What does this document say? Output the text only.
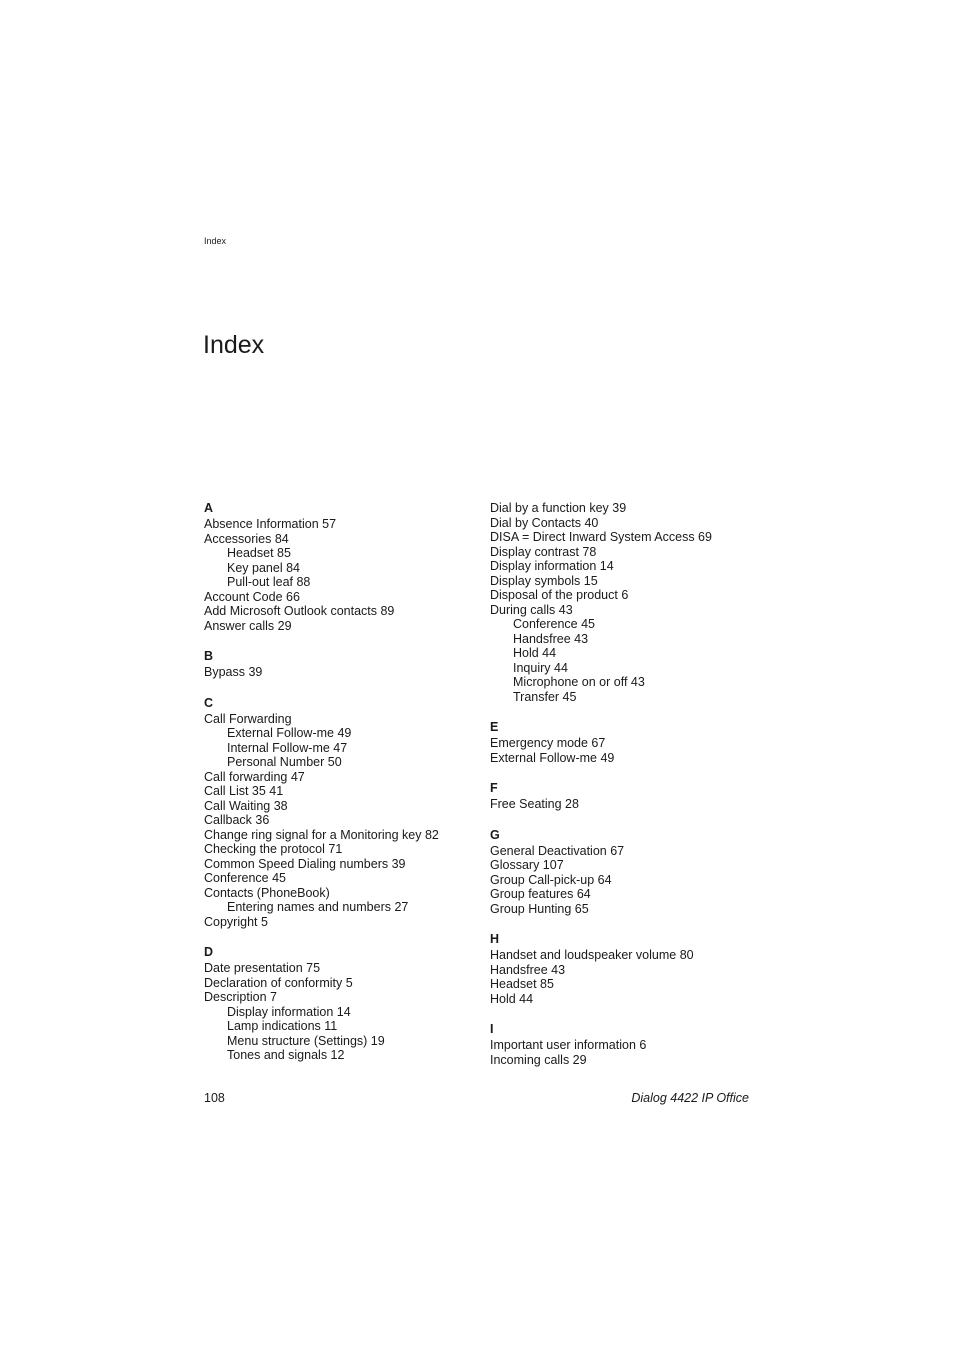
Index
Index
A
Absence Information 57
Accessories 84
Headset 85
Key panel 84
Pull-out leaf 88
Account Code 66
Add Microsoft Outlook contacts 89
Answer calls 29
B
Bypass 39
C
Call Forwarding
External Follow-me 49
Internal Follow-me 47
Personal Number 50
Call forwarding 47
Call List 35 41
Call Waiting 38
Callback 36
Change ring signal for a Monitoring key 82
Checking the protocol 71
Common Speed Dialing numbers 39
Conference 45
Contacts (PhoneBook)
Entering names and numbers 27
Copyright 5
D
Date presentation 75
Declaration of conformity 5
Description 7
Display information 14
Lamp indications 11
Menu structure (Settings) 19
Tones and signals 12
Dial by a function key 39
Dial by Contacts 40
DISA = Direct Inward System Access 69
Display contrast 78
Display information 14
Display symbols 15
Disposal of the product 6
During calls 43
Conference 45
Handsfree 43
Hold 44
Inquiry 44
Microphone on or off 43
Transfer 45
E
Emergency mode 67
External Follow-me 49
F
Free Seating 28
G
General Deactivation 67
Glossary 107
Group Call-pick-up 64
Group features 64
Group Hunting 65
H
Handset and loudspeaker volume 80
Handsfree 43
Headset 85
Hold 44
I
Important user information 6
Incoming calls 29
108	Dialog 4422 IP Office
